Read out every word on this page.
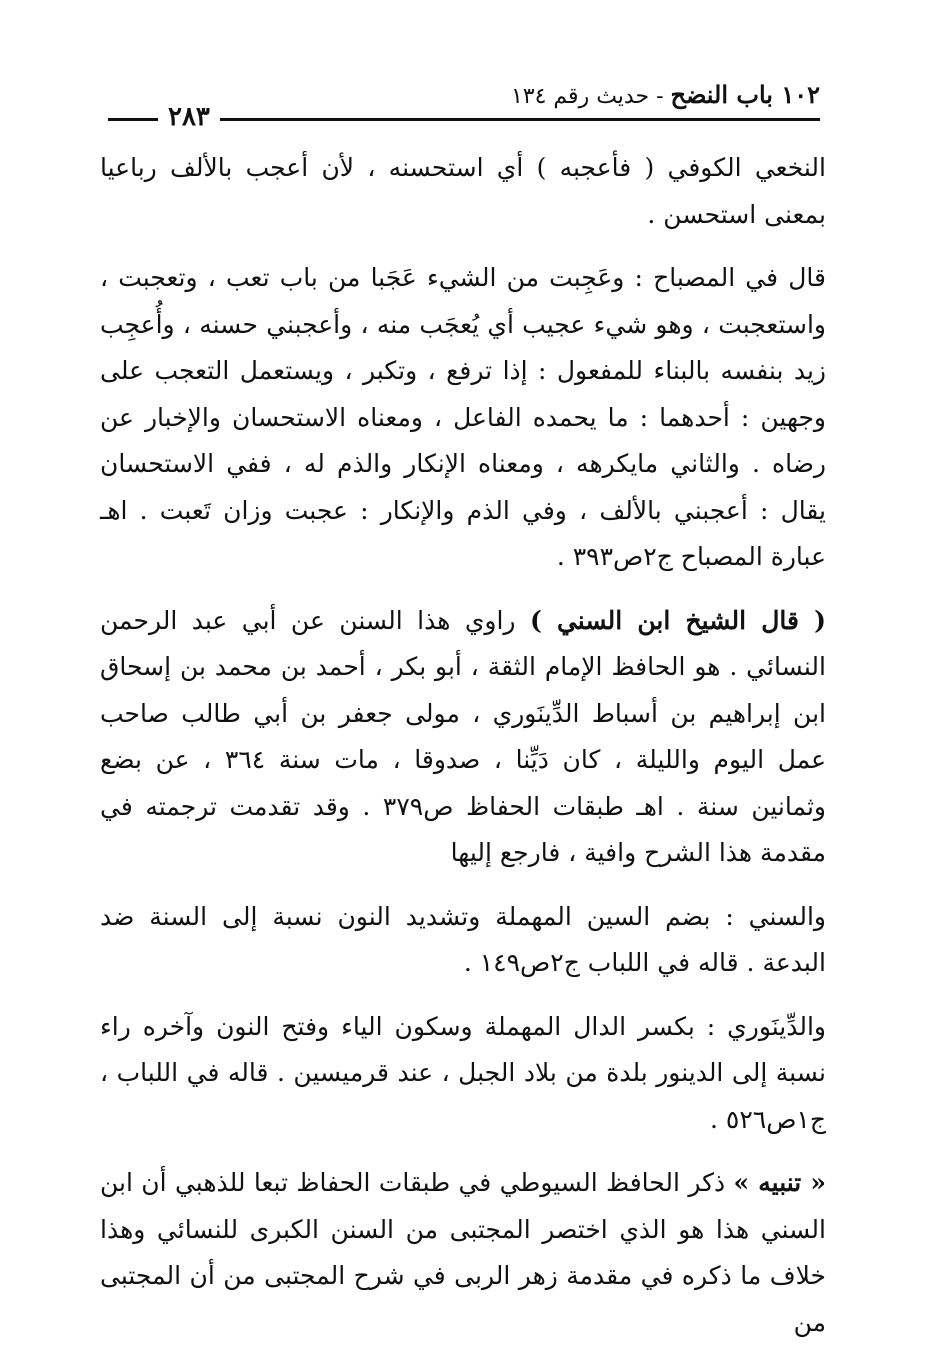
١٠٢ باب النضح - حديث رقم ١٣٤
٢٨٣

النخعي الكوفي ( فأعجبه ) أي استحسنه ، لأن أعجب بالألف رباعيا بمعنى استحسن .

قال في المصباح : وعَجِبت من الشيء عَجَبا من باب تعب ، وتعجبت ، واستعجبت ، وهو شيء عجيب أي يُعجَب منه ، وأعجبني حسنه ، وأُعجِب زيد بنفسه بالبناء للمفعول : إذا ترفع ، وتكبر ، ويستعمل التعجب على وجهين : أحدهما : ما يحمده الفاعل ، ومعناه الاستحسان والإخبار عن رضاه . والثاني مايكرهه ، ومعناه الإنكار والذم له ، ففي الاستحسان يقال : أعجبني بالألف ، وفي الذم والإنكار : عجبت وزان تَعبت . اهـ عبارة المصباح ج٢ص٣٩٣ .

( قال الشيخ ابن السني ) راوي هذا السنن عن أبي عبد الرحمن النسائي . هو الحافظ الإمام الثقة ، أبو بكر ، أحمد بن محمد بن إسحاق ابن إبراهيم بن أسباط الدِّينَوري ، مولى جعفر بن أبي طالب صاحب عمل اليوم والليلة ، كان دَيِّنا ، صدوقا ، مات سنة ٣٦٤ ، عن بضع وثمانين سنة . اهـ طبقات الحفاظ ص٣٧٩ . وقد تقدمت ترجمته في مقدمة هذا الشرح وافية ، فارجع إليها

والسني : بضم السين المهملة وتشديد النون نسبة إلى السنة ضد البدعة . قاله في اللباب ج٢ص١٤٩ .

والدِّينَوري : بكسر الدال المهملة وسكون الياء وفتح النون وآخره راء نسبة إلى الدينور بلدة من بلاد الجبل ، عند قرميسين . قاله في اللباب ، ج١ص٥٢٦ .

« تنبيه » ذكر الحافظ السيوطي في طبقات الحفاظ تبعا للذهبي أن ابن السني هذا هو الذي اختصر المجتبى من السنن الكبرى للنسائي وهذا خلاف ما ذكره في مقدمة زهر الربى في شرح المجتبى من أن المجتبى من
